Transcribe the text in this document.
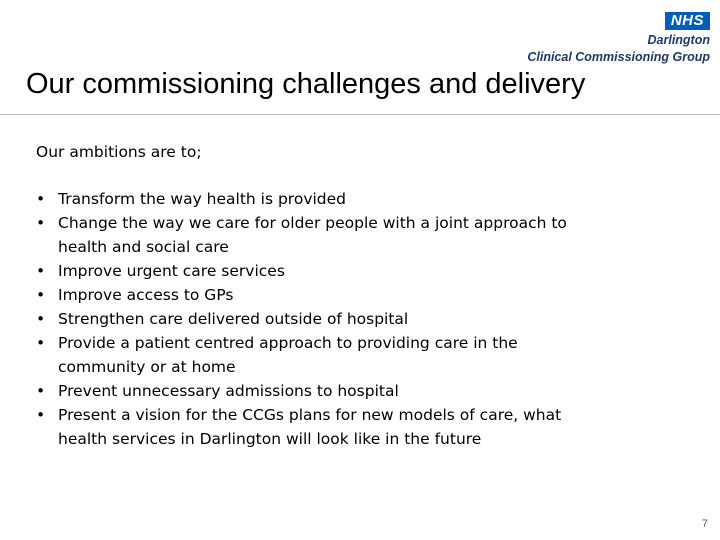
NHS
Darlington
Clinical Commissioning Group
Our commissioning challenges and delivery

Our ambitions are to;

• Transform the way health is provided
• Change the way we care for older people with a joint approach to health and social care
• Improve urgent care services
• Improve access to GPs
• Strengthen care delivered outside of hospital
• Provide a patient centred approach to providing care in the community or at home
• Prevent unnecessary admissions to hospital
• Present a vision for the CCGs plans for new models of care, what health services in Darlington will look like in the future
7
